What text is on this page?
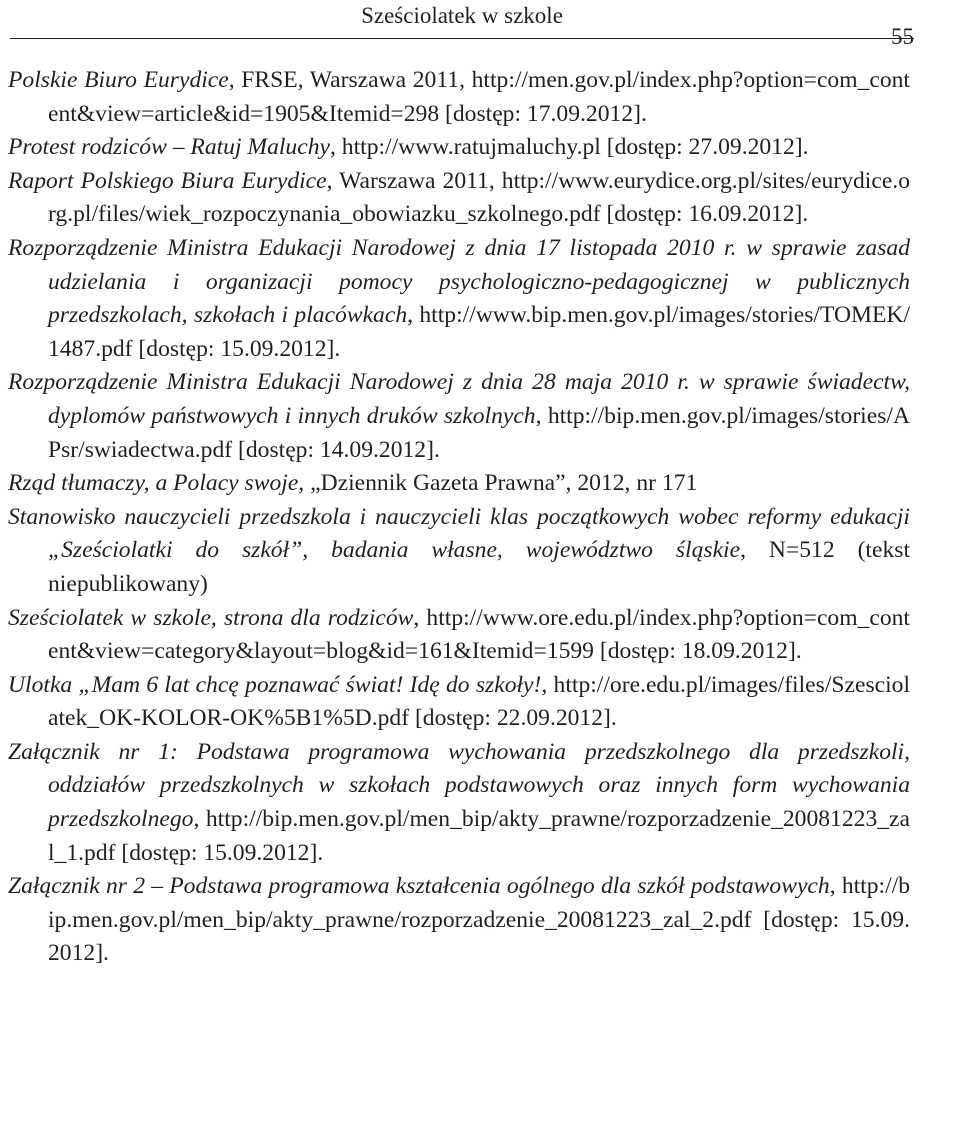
Sześciolatek w szkole
55
Polskie Biuro Eurydice, FRSE, Warszawa 2011, http://men.gov.pl/index.php?option=com_content&view=article&id=1905&Itemid=298 [dostęp: 17.09.2012].
Protest rodziców – Ratuj Maluchy, http://www.ratujmaluchy.pl [dostęp: 27.09.2012].
Raport Polskiego Biura Eurydice, Warszawa 2011, http://www.eurydice.org.pl/sites/eurydice.org.pl/files/wiek_rozpoczynania_obowiazku_szkolnego.pdf [dostęp: 16.09.2012].
Rozporządzenie Ministra Edukacji Narodowej z dnia 17 listopada 2010 r. w sprawie zasad udzielania i organizacji pomocy psychologiczno-pedagogicznej w publicznych przedszkolach, szkołach i placówkach, http://www.bip.men.gov.pl/images/stories/TOMEK/1487.pdf [dostęp: 15.09.2012].
Rozporządzenie Ministra Edukacji Narodowej z dnia 28 maja 2010 r. w sprawie świadectw, dyplomów państwowych i innych druków szkolnych, http://bip.men.gov.pl/images/stories/APsr/swiadectwa.pdf [dostęp: 14.09.2012].
Rząd tłumaczy, a Polacy swoje, „Dziennik Gazeta Prawna”, 2012, nr 171
Stanowisko nauczycieli przedszkola i nauczycieli klas początkowych wobec reformy edukacji „Sześciolatki do szkół”, badania własne, województwo śląskie, N=512 (tekst niepublikowany)
Sześciolatek w szkole, strona dla rodziców, http://www.ore.edu.pl/index.php?option=com_content&view=category&layout=blog&id=161&Itemid=1599 [dostęp: 18.09.2012].
Ulotka „Mam 6 lat chcę poznawać świat! Idę do szkoły!, http://ore.edu.pl/images/files/Szesciolatek_OK-KOLOR-OK%5B1%5D.pdf [dostęp: 22.09.2012].
Załącznik nr 1: Podstawa programowa wychowania przedszkolnego dla przedszkoli, oddziałów przedszkolnych w szkołach podstawowych oraz innych form wychowania przedszkolnego, http://bip.men.gov.pl/men_bip/akty_prawne/rozporzadzenie_20081223_zal_1.pdf [dostęp: 15.09.2012].
Załącznik nr 2 – Podstawa programowa kształcenia ogólnego dla szkół podstawowych, http://bip.men.gov.pl/men_bip/akty_prawne/rozporzadzenie_20081223_zal_2.pdf [dostęp: 15.09.2012].
